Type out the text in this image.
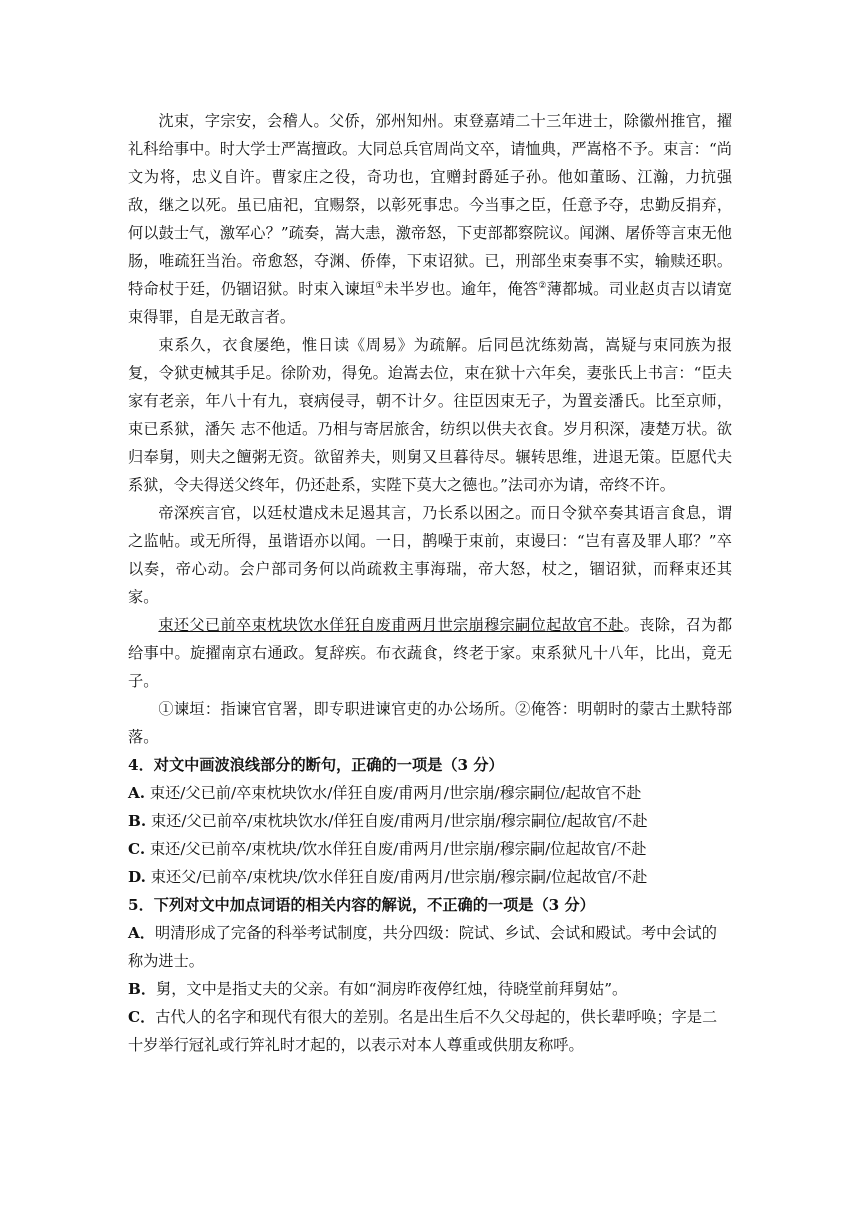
沈束，字宗安，会稽人。父侨，邠州知州。束登嘉靖二十三年进士，除徽州推官，擢礼科给事中。时大学士严嵩擅政。大同总兵官周尚文卒，请恤典，严嵩格不予。束言：“尚文为将，忠义自许。曹家庄之役，奇功也，宜赠封爵延子孙。他如董旸、江瀚，力抗强敌，继之以死。虽已庙祀，宜赐祭，以彰死事忠。今当事之臣，任意予夺，忠勤反捐弃，何以鼓士气，激军心？”疏奏，嵩大恚，激帝怒，下吏部都察院议。闻渊、屠侨等言束无他肠，唯疏狂当治。帝愈怒，夺渊、侨俸，下束诏狱。已，刑部坐束奏事不实，输赎还职。特命杖于廷，仍锢诏狱。时束入谏垣①未半岁也。逾年，俺答②薄都城。司业赵贞吉以请宽束得罪，自是无敢言者。

束系久，衣食屡绝，惟日读《周易》为疏解。后同邑沈练劾嵩，嵩疑与束同族为报复，令狱吏械其手足。徐阶劝，得免。迨嵩去位，束在狱十六年矣，妻张氏上书言：“臣夫家有老亲，年八十有九，衰病侵寻，朝不计夕。往臣因束无子，为置妾潘氏。比至京师，束已系狱，潘矢 志不他适。乃相与寄居旅舍，纺织以供夫衣食。岁月积深，凄楚万状。欲归奉舅，则夫之饘粥无资。欲留养夫，则舅又旦暮待尽。辗转思维，进退无策。臣愿代夫系狱，令夫得送父终年，仍还赴系，实陛下莫大之德也。”法司亦为请，帝终不许。

帝深疾言官，以廷杖遣戍未足遏其言，乃长系以困之。而日令狱卒奏其语言食息，谓之监帖。或无所得，虽谐语亦以闻。一日，鹊噪于束前，束谩曰：“岂有喜及罪人耶？”卒以奏，帝心动。会户部司务何以尚疏救主事海瑞，帝大怒，杖之，锢诏狱，而释束还其家。

束还父已前卒束枕块饮水佯狂自废甫两月世宗崩穆宗嗣位起故官不赴。丧除，召为都给事中。旋擢南京右通政。复辞疾。布衣蔬食，终老于家。束系狱凡十八年，比出，竟无子。

①谏垣：指谏官官署，即专职进谏官吏的办公场所。②俺答：明朝时的蒙古土默特部落。

4．对文中画波浪线部分的断句，正确的一项是（3 分）

A. 束还/父已前/卒束枕块饮水/佯狂自废/甫两月/世宗崩/穆宗嗣位/起故官不赴

B. 束还/父已前卒/束枕块饮水/佯狂自废/甫两月/世宗崩/穆宗嗣位/起故官/不赴

C. 束还/父已前卒/束枕块/饮水佯狂自废/甫两月/世宗崩/穆宗嗣/位起故官/不赴

D. 束还父/已前卒/束枕块/饮水佯狂自废/甫两月/世宗崩/穆宗嗣/位起故官/不赴

5．下列对文中加点词语的相关内容的解说，不正确的一项是（3 分）

A．明清形成了完备的科举考试制度，共分四级：院试、乡试、会试和殿试。考中会试的称为进士。

B．舅，文中是指丈夫的父亲。有如“洞房昨夜停红烛，待晓堂前拜舅姑”。

C．古代人的名字和现代有很大的差别。名是出生后不久父母起的，供长辈呼唤；字是二十岁举行冠礼或行笄礼时才起的，以表示对本人尊重或供朋友称呼。
